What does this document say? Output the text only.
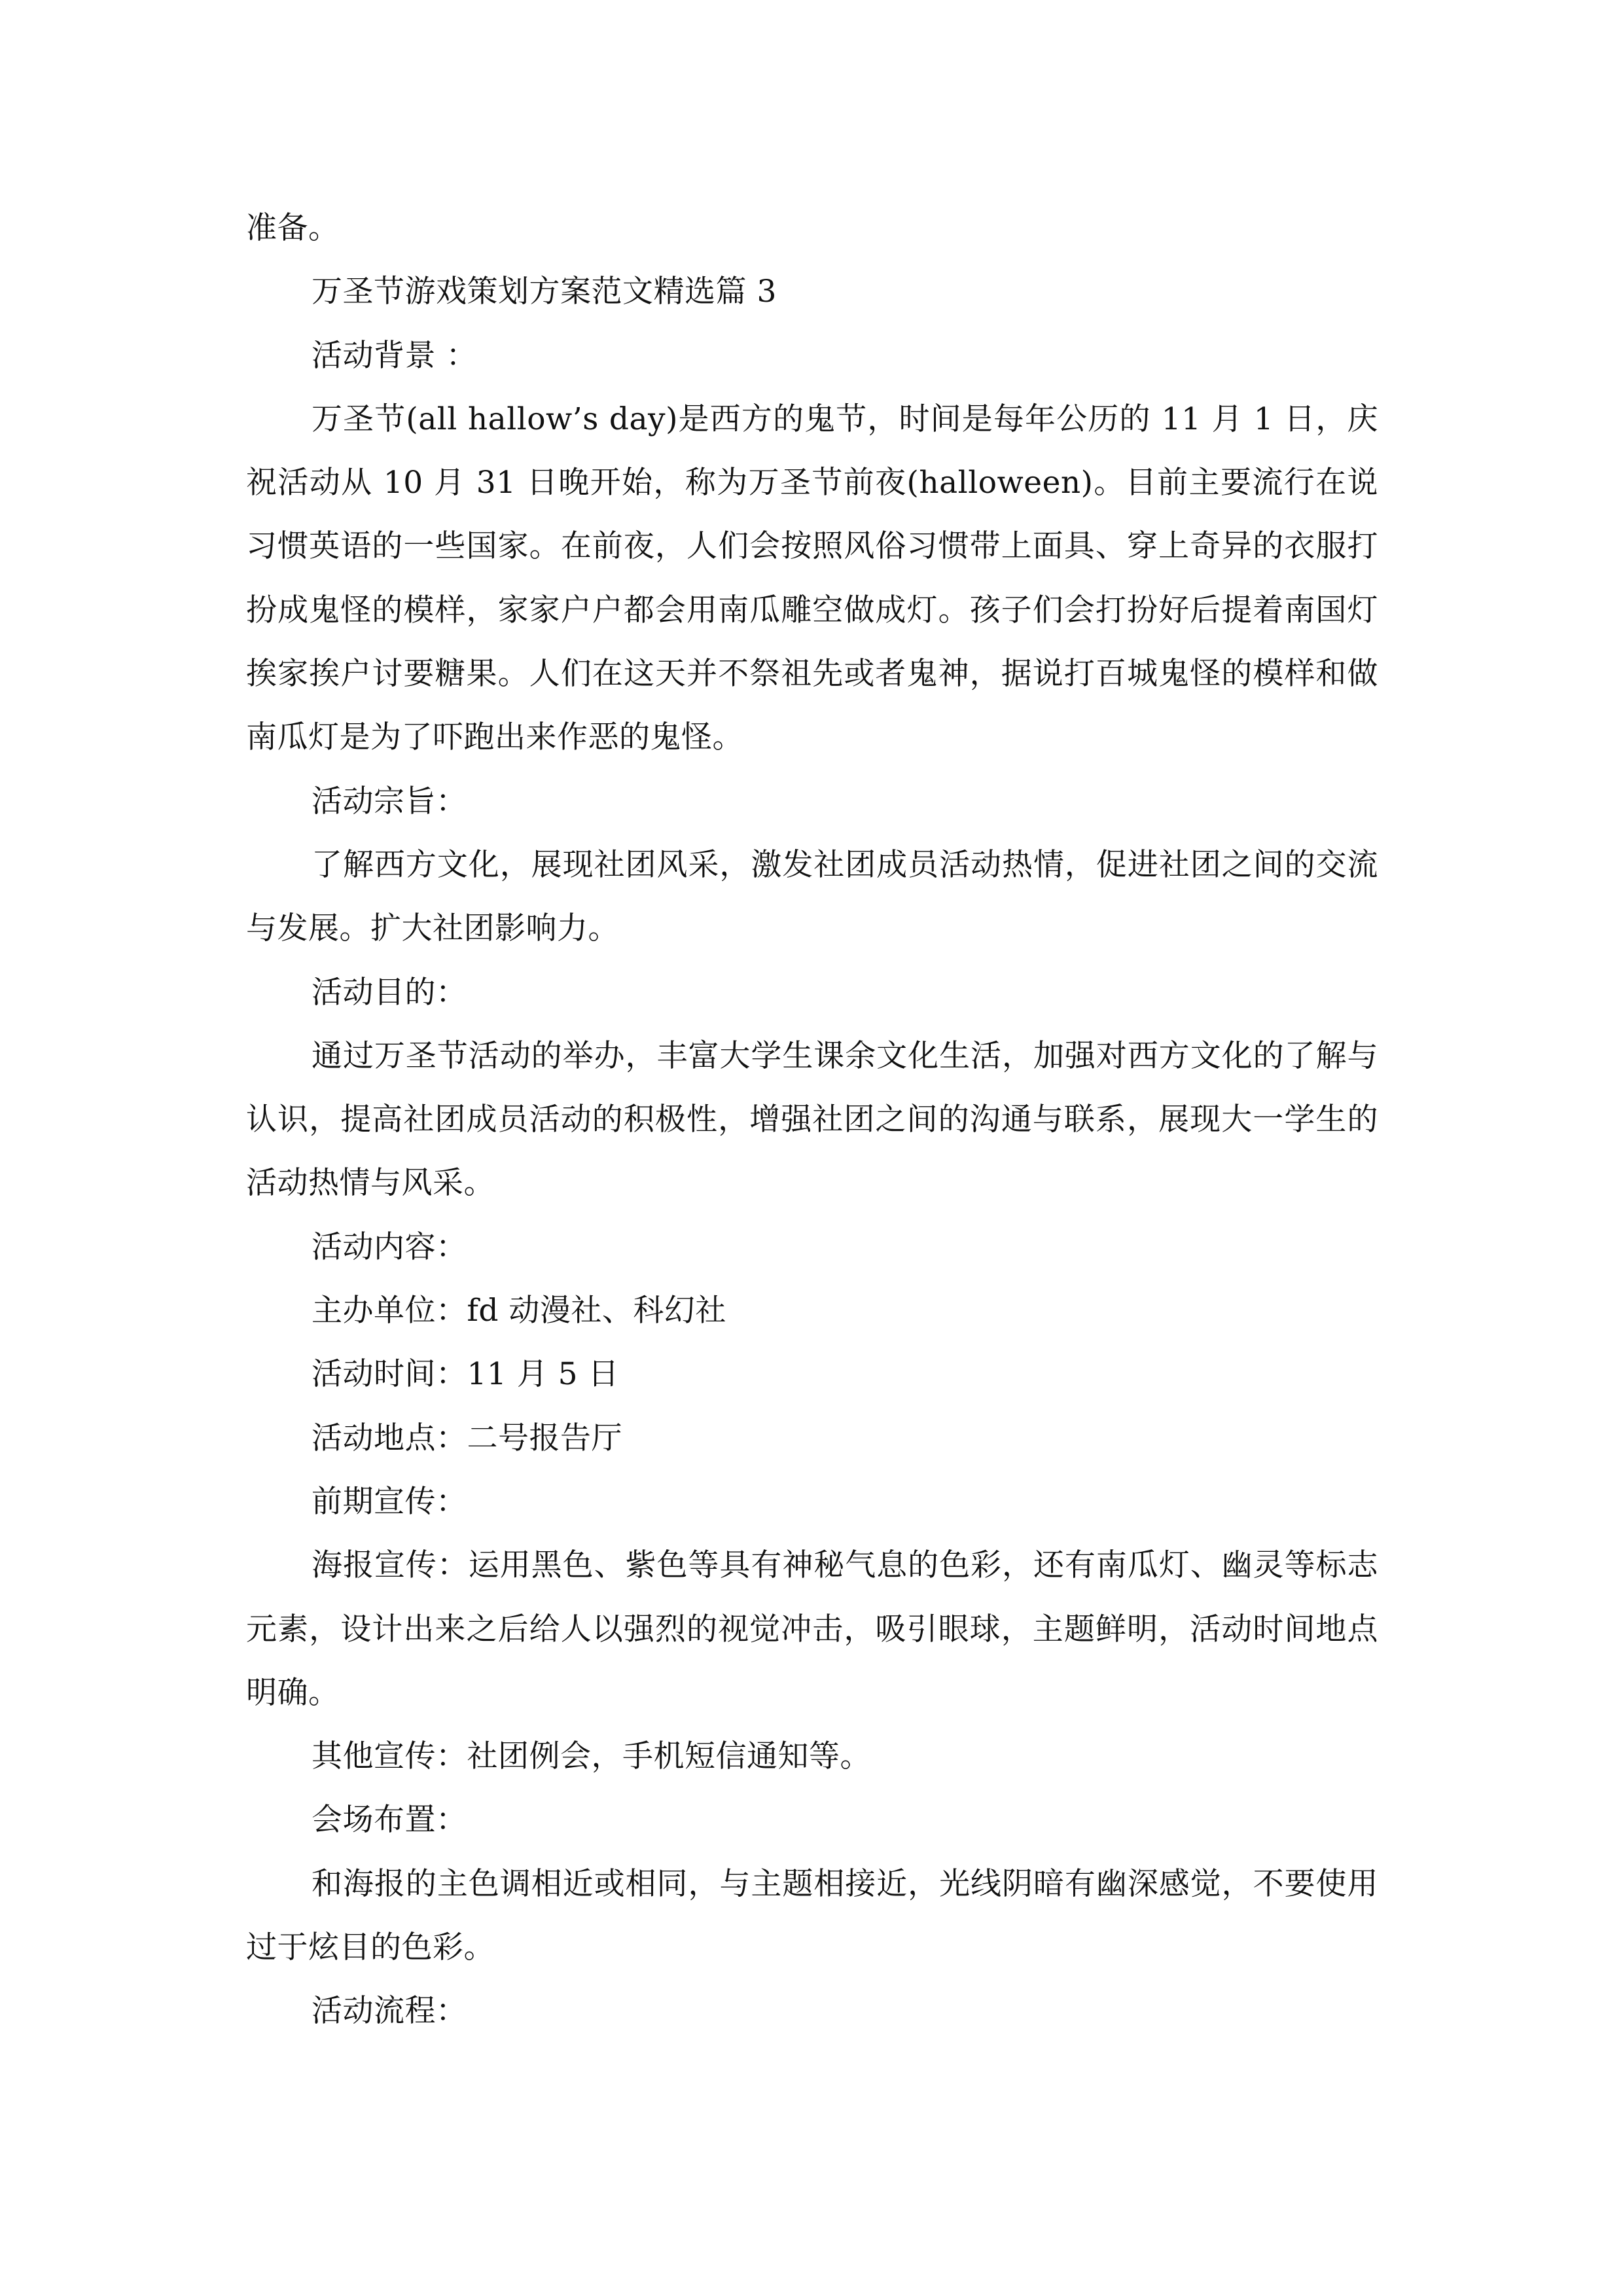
准备。

万圣节游戏策划方案范文精选篇 3

活动背景 ：

万圣节(all hallow’s day)是西方的鬼节，时间是每年公历的 11 月 1 日，庆祝活动从 10 月 31 日晚开始，称为万圣节前夜(halloween)。目前主要流行在说习惯英语的一些国家。在前夜，人们会按照风俗习惯带上面具、穿上奇异的衣服打扮成鬼怪的模样，家家户户都会用南瓜雕空做成灯。孩子们会打扮好后提着南国灯挨家挨户讨要糖果。人们在这天并不祭祖先或者鬼神，据说打百城鬼怪的模样和做南瓜灯是为了吓跑出来作恶的鬼怪。

活动宗旨：

了解西方文化，展现社团风采，激发社团成员活动热情，促进社团之间的交流与发展。扩大社团影响力。

活动目的：

通过万圣节活动的举办，丰富大学生课余文化生活，加强对西方文化的了解与认识，提高社团成员活动的积极性，增强社团之间的沟通与联系，展现大一学生的活动热情与风采。

活动内容：

主办单位：fd 动漫社、科幻社

活动时间：11 月 5 日

活动地点：二号报告厅

前期宣传：

海报宣传：运用黑色、紫色等具有神秘气息的色彩，还有南瓜灯、幽灵等标志元素，设计出来之后给人以强烈的视觉冲击，吸引眼球，主题鲜明，活动时间地点明确。

其他宣传：社团例会，手机短信通知等。

会场布置：

和海报的主色调相近或相同，与主题相接近，光线阴暗有幽深感觉，不要使用过于炫目的色彩。

活动流程：
